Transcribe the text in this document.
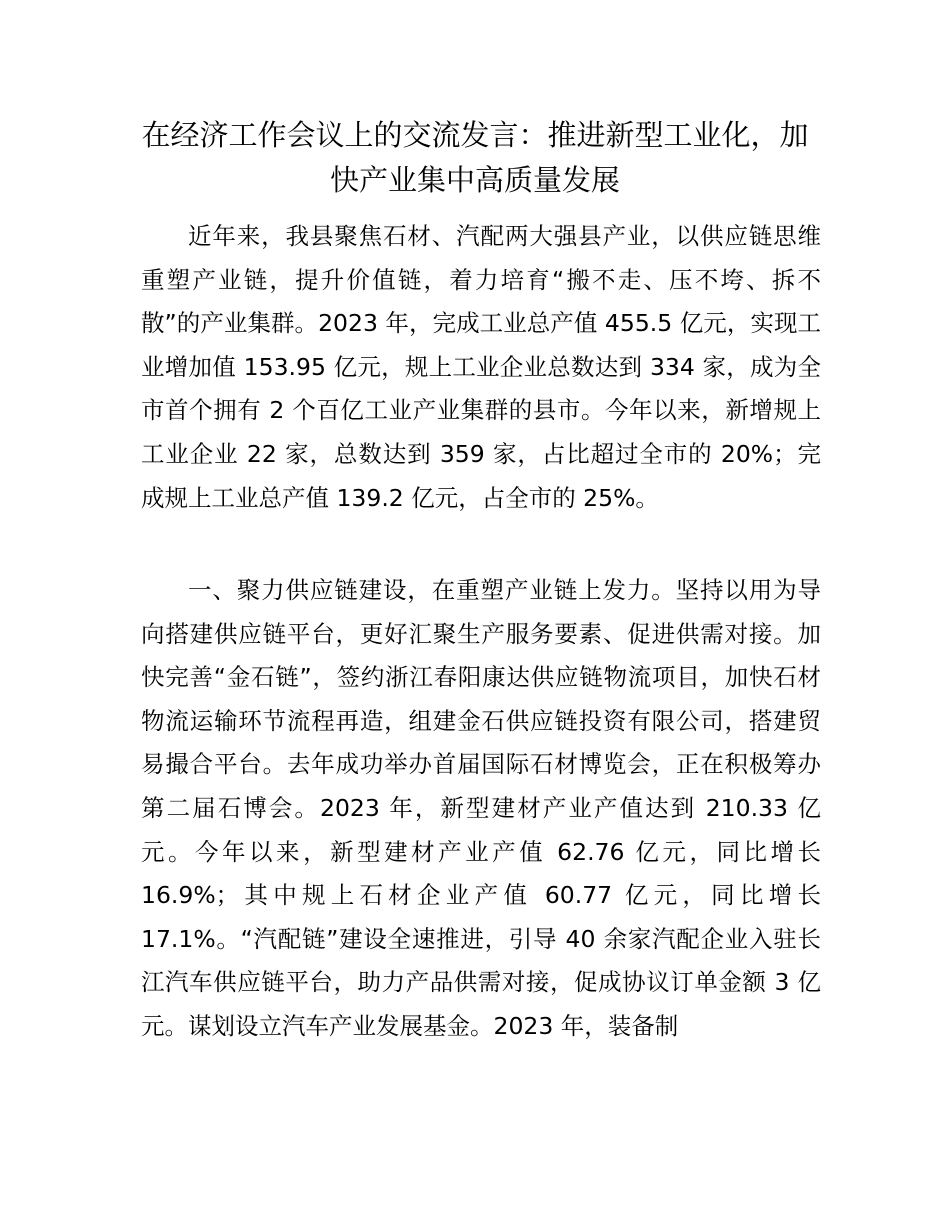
在经济工作会议上的交流发言：推进新型工业化，加快产业集中高质量发展

近年来，我县聚焦石材、汽配两大强县产业，以供应链思维重塑产业链，提升价值链，着力培育“搬不走、压不垮、拆不散”的产业集群。2023 年，完成工业总产值 455.5 亿元，实现工业增加值 153.95 亿元，规上工业企业总数达到 334 家，成为全市首个拥有 2 个百亿工业产业集群的县市。今年以来，新增规上工业企业 22 家，总数达到 359 家，占比超过全市的 20%；完成规上工业总产值 139.2 亿元，占全市的 25%。

一、聚力供应链建设，在重塑产业链上发力。坚持以用为导向搭建供应链平台，更好汇聚生产服务要素、促进供需对接。加快完善“金石链”，签约浙江春阳康达供应链物流项目，加快石材物流运输环节流程再造，组建金石供应链投资有限公司，搭建贸易撮合平台。去年成功举办首届国际石材博览会，正在积极筹办第二届石博会。2023 年，新型建材产业产值达到 210.33 亿元。今年以来，新型建材产业产值 62.76 亿元，同比增长 16.9%；其中规上石材企业产值 60.77 亿元，同比增长 17.1%。“汽配链”建设全速推进，引导 40 余家汽配企业入驻长江汽车供应链平台，助力产品供需对接，促成协议订单金额 3 亿元。谋划设立汽车产业发展基金。2023 年，装备制
